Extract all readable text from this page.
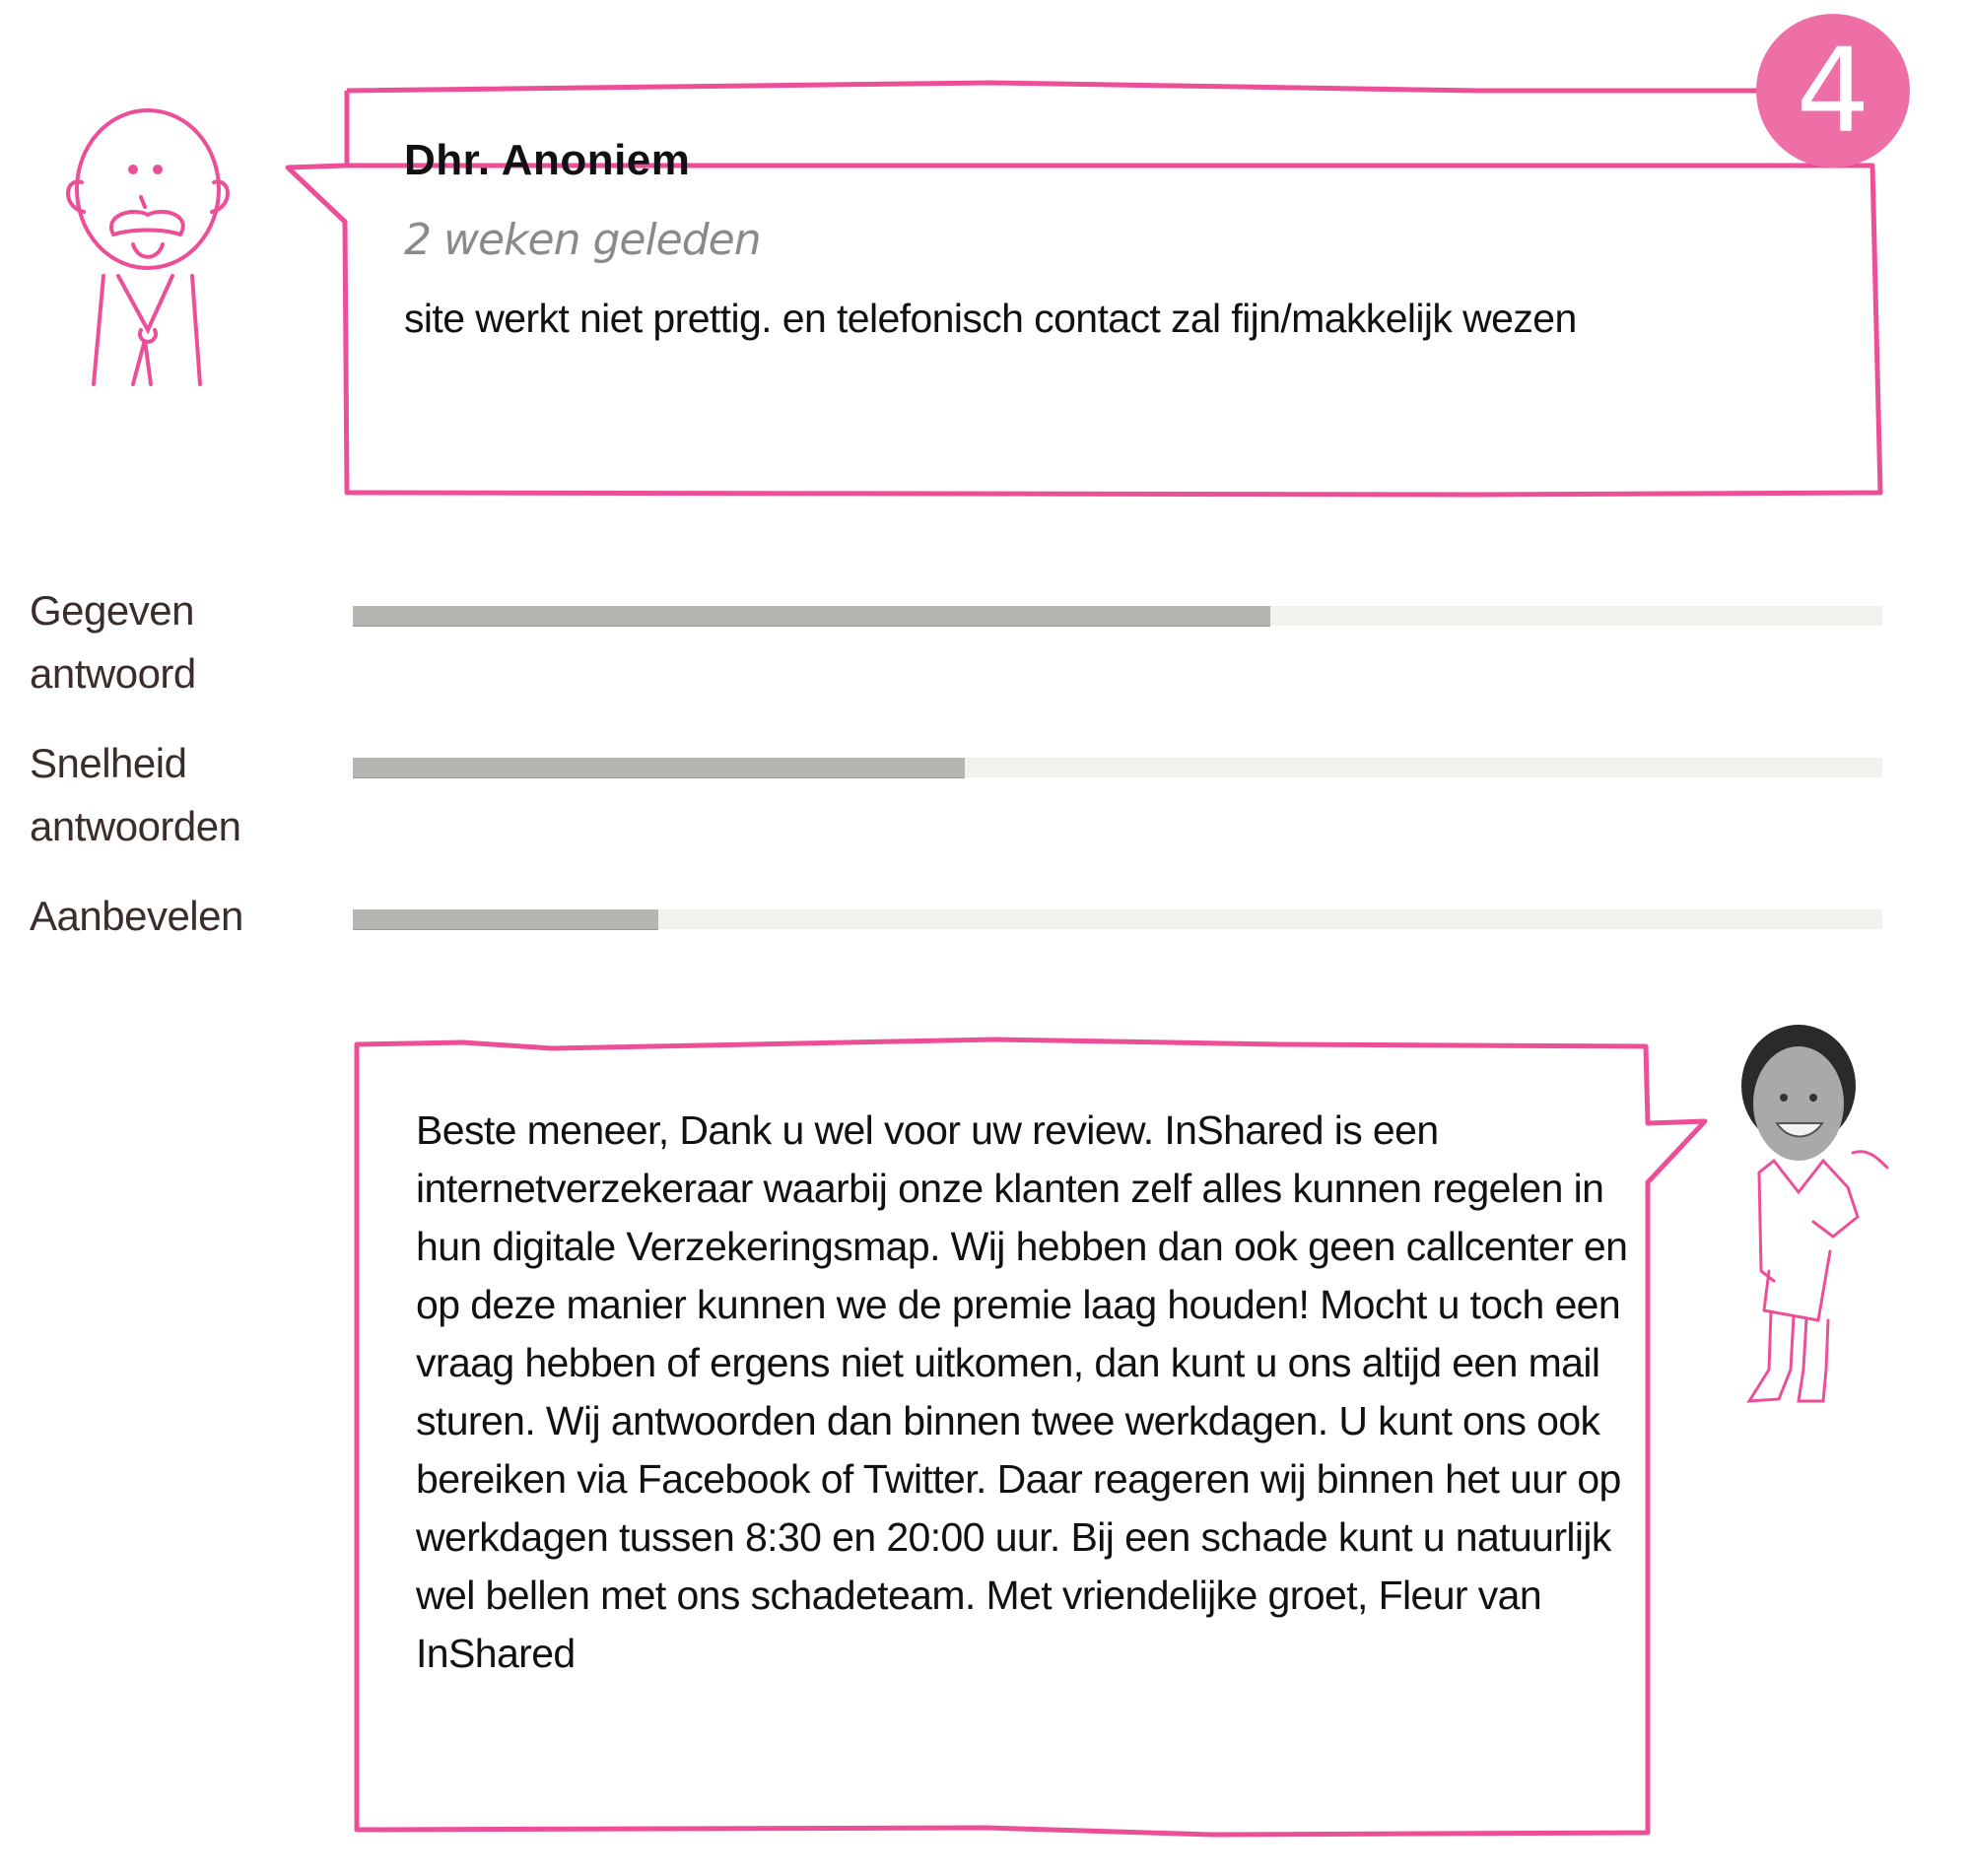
4
Dhr. Anoniem
2 weken geleden
site werkt niet prettig. en telefonisch contact zal fijn/makkelijk wezen
Gegeven
antwoord
Snelheid
antwoorden
Aanbevelen
Beste meneer, Dank u wel voor uw review. InShared is een internetverzekeraar waarbij onze klanten zelf alles kunnen regelen in hun digitale Verzekeringsmap. Wij hebben dan ook geen callcenter en op deze manier kunnen we de premie laag houden! Mocht u toch een vraag hebben of ergens niet uitkomen, dan kunt u ons altijd een mail sturen. Wij antwoorden dan binnen twee werkdagen. U kunt ons ook bereiken via Facebook of Twitter. Daar reageren wij binnen het uur op werkdagen tussen 8:30 en 20:00 uur. Bij een schade kunt u natuurlijk wel bellen met ons schadeteam. Met vriendelijke groet, Fleur van InShared
